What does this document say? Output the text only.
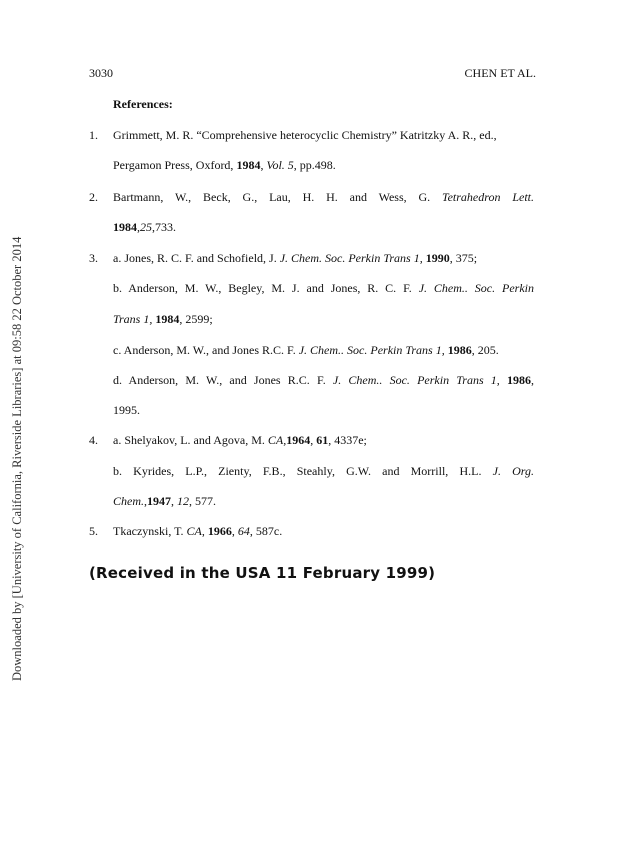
Downloaded by [University of California, Riverside Libraries] at 09:58 22 October 2014
3030	CHEN ET AL.
References:
1. Grimmett, M. R. “Comprehensive heterocyclic Chemistry” Katritzky A. R., ed.,
Pergamon Press, Oxford, 1984, Vol. 5, pp.498.
2. Bartmann, W., Beck, G., Lau, H. H. and Wess, G. Tetrahedron Lett.
1984,25,733.
3. a. Jones, R. C. F. and Schofield, J. J. Chem. Soc. Perkin Trans 1, 1990, 375;
b. Anderson, M. W., Begley, M. J. and Jones, R. C. F. J. Chem.. Soc. Perkin
Trans 1, 1984, 2599;
c. Anderson, M. W., and Jones R.C. F. J. Chem.. Soc. Perkin Trans 1, 1986, 205.
d. Anderson, M. W., and Jones R.C. F. J. Chem.. Soc. Perkin Trans 1, 1986,
1995.
4. a. Shelyakov, L. and Agova, M. CA,1964, 61, 4337e;
b. Kyrides, L.P., Zienty, F.B., Steahly, G.W. and Morrill, H.L. J. Org.
Chem.,1947, 12, 577.
5. Tkaczynski, T. CA, 1966, 64, 587c.
(Received in the USA 11 February 1999)
